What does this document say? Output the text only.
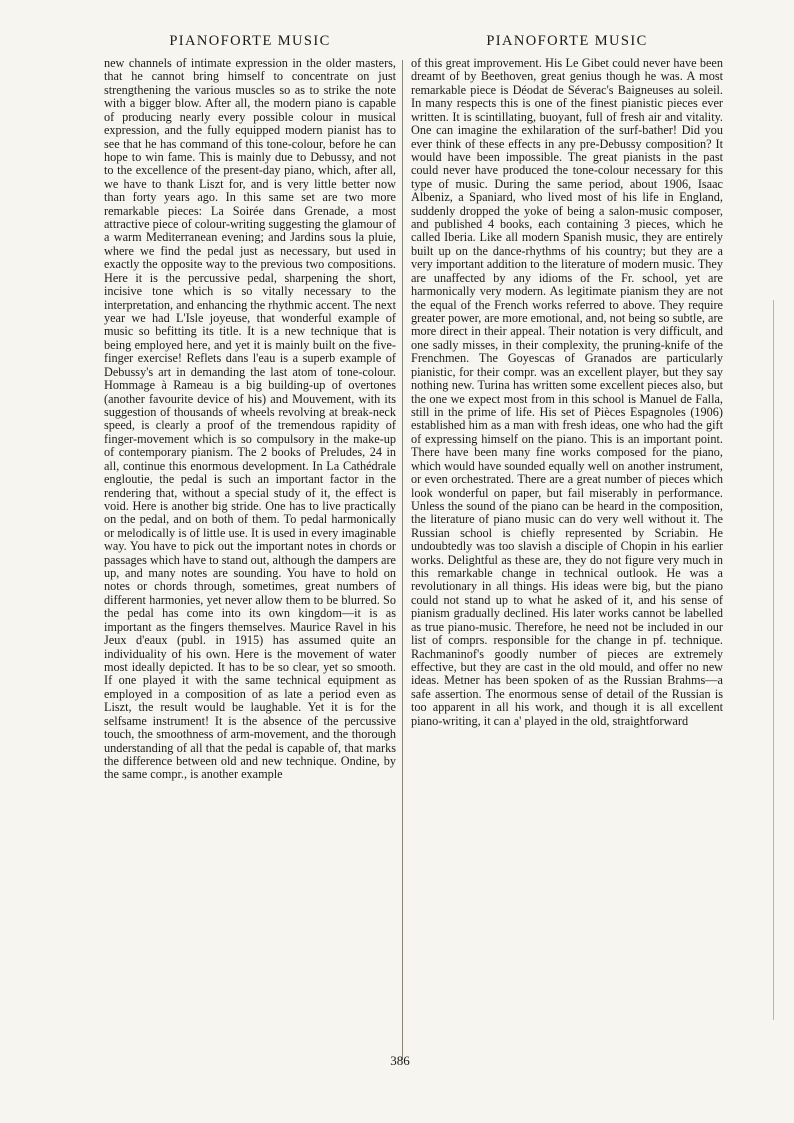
PIANOFORTE MUSIC	PIANOFORTE MUSIC

new channels of intimate expression in the older masters, that he cannot bring himself to concentrate on just strengthening the various muscles so as to strike the note with a bigger blow. After all, the modern piano is capable of producing nearly every possible colour in musical expression, and the fully equipped modern pianist has to see that he has command of this tone-colour, before he can hope to win fame. This is mainly due to Debussy, and not to the excellence of the present-day piano, which, after all, we have to thank Liszt for, and is very little better now than forty years ago. In this same set are two more remarkable pieces: La Soirée dans Grenade, a most attractive piece of colour-writing suggesting the glamour of a warm Mediterranean evening; and Jardins sous la pluie, where we find the pedal just as necessary, but used in exactly the opposite way to the previous two compositions. Here it is the percussive pedal, sharpening the short, incisive tone which is so vitally necessary to the interpretation, and enhancing the rhythmic accent. The next year we had L'Isle joyeuse, that wonderful example of music so befitting its title. It is a new technique that is being employed here, and yet it is mainly built on the five-finger exercise! Reflets dans l'eau is a superb example of Debussy's art in demanding the last atom of tone-colour. Hommage à Rameau is a big building-up of overtones (another favourite device of his) and Mouvement, with its suggestion of thousands of wheels revolving at break-neck speed, is clearly a proof of the tremendous rapidity of finger-movement which is so compulsory in the make-up of contemporary pianism. The 2 books of Preludes, 24 in all, continue this enormous development. In La Cathédrale engloutie, the pedal is such an important factor in the rendering that, without a special study of it, the effect is void. Here is another big stride. One has to live practically on the pedal, and on both of them. To pedal harmonically or melodically is of little use. It is used in every imaginable way. You have to pick out the important notes in chords or passages which have to stand out, although the dampers are up, and many notes are sounding. You have to hold on notes or chords through, sometimes, great numbers of different harmonies, yet never allow them to be blurred. So the pedal has come into its own kingdom—it is as important as the fingers themselves. Maurice Ravel in his Jeux d'eaux (publ. in 1915) has assumed quite an individuality of his own. Here is the movement of water most ideally depicted. It has to be so clear, yet so smooth. If one played it with the same technical equipment as employed in a composition of as late a period even as Liszt, the result would be laughable. Yet it is for the selfsame instrument! It is the absence of the percussive touch, the smoothness of arm-movement, and the thorough understanding of all that the pedal is capable of, that marks the difference between old and new technique. Ondine, by the same compr., is another example

of this great improvement. His Le Gibet could never have been dreamt of by Beethoven, great genius though he was. A most remarkable piece is Déodat de Séverac's Baigneuses au soleil. In many respects this is one of the finest pianistic pieces ever written. It is scintillating, buoyant, full of fresh air and vitality. One can imagine the exhilaration of the surf-bather! Did you ever think of these effects in any pre-Debussy composition? It would have been impossible. The great pianists in the past could never have produced the tone-colour necessary for this type of music. During the same period, about 1906, Isaac Albeniz, a Spaniard, who lived most of his life in England, suddenly dropped the yoke of being a salon-music composer, and published 4 books, each containing 3 pieces, which he called Iberia. Like all modern Spanish music, they are entirely built up on the dance-rhythms of his country; but they are a very important addition to the literature of modern music. They are unaffected by any idioms of the Fr. school, yet are harmonically very modern. As legitimate pianism they are not the equal of the French works referred to above. They require greater power, are more emotional, and, not being so subtle, are more direct in their appeal. Their notation is very difficult, and one sadly misses, in their complexity, the pruning-knife of the Frenchmen. The Goyescas of Granados are particularly pianistic, for their compr. was an excellent player, but they say nothing new. Turina has written some excellent pieces also, but the one we expect most from in this school is Manuel de Falla, still in the prime of life. His set of Pièces Espagnoles (1906) established him as a man with fresh ideas, one who had the gift of expressing himself on the piano. This is an important point. There have been many fine works composed for the piano, which would have sounded equally well on another instrument, or even orchestrated. There are a great number of pieces which look wonderful on paper, but fail miserably in performance. Unless the sound of the piano can be heard in the composition, the literature of piano music can do very well without it. The Russian school is chiefly represented by Scriabin. He undoubtedly was too slavish a disciple of Chopin in his earlier works. Delightful as these are, they do not figure very much in this remarkable change in technical outlook. He was a revolutionary in all things. His ideas were big, but the piano could not stand up to what he asked of it, and his sense of pianism gradually declined. His later works cannot be labelled as true piano-music. Therefore, he need not be included in our list of comprs. responsible for the change in pf. technique. Rachmaninof's goodly number of pieces are extremely effective, but they are cast in the old mould, and offer no new ideas. Metner has been spoken of as the Russian Brahms—a safe assertion. The enormous sense of detail of the Russian is too apparent in all his work, and though it is all excellent piano-writing, it can a' played in the old, straightforward

386
